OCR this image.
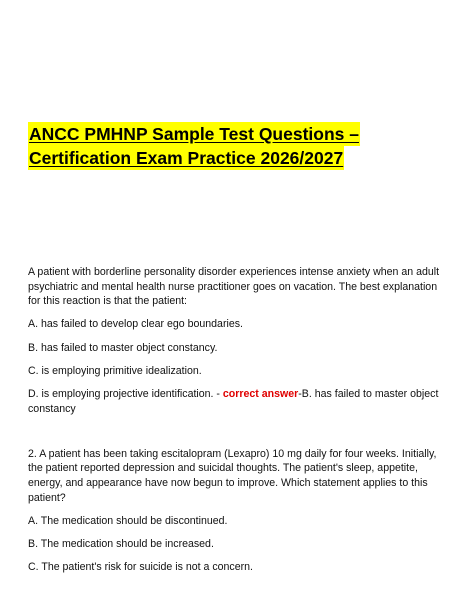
ANCC PMHNP Sample Test Questions –
Certification Exam Practice 2026/2027

A patient with borderline personality disorder experiences intense anxiety when an adult psychiatric and mental health nurse practitioner goes on vacation. The best explanation for this reaction is that the patient:

A. has failed to develop clear ego boundaries.

B. has failed to master object constancy.

C. is employing primitive idealization.

D. is employing projective identification. - correct answer-B. has failed to master object constancy

2. A patient has been taking escitalopram (Lexapro) 10 mg daily for four weeks. Initially, the patient reported depression and suicidal thoughts. The patient's sleep, appetite, energy, and appearance have now begun to improve. Which statement applies to this patient?

A. The medication should be discontinued.

B. The medication should be increased.

C. The patient's risk for suicide is not a concern.
